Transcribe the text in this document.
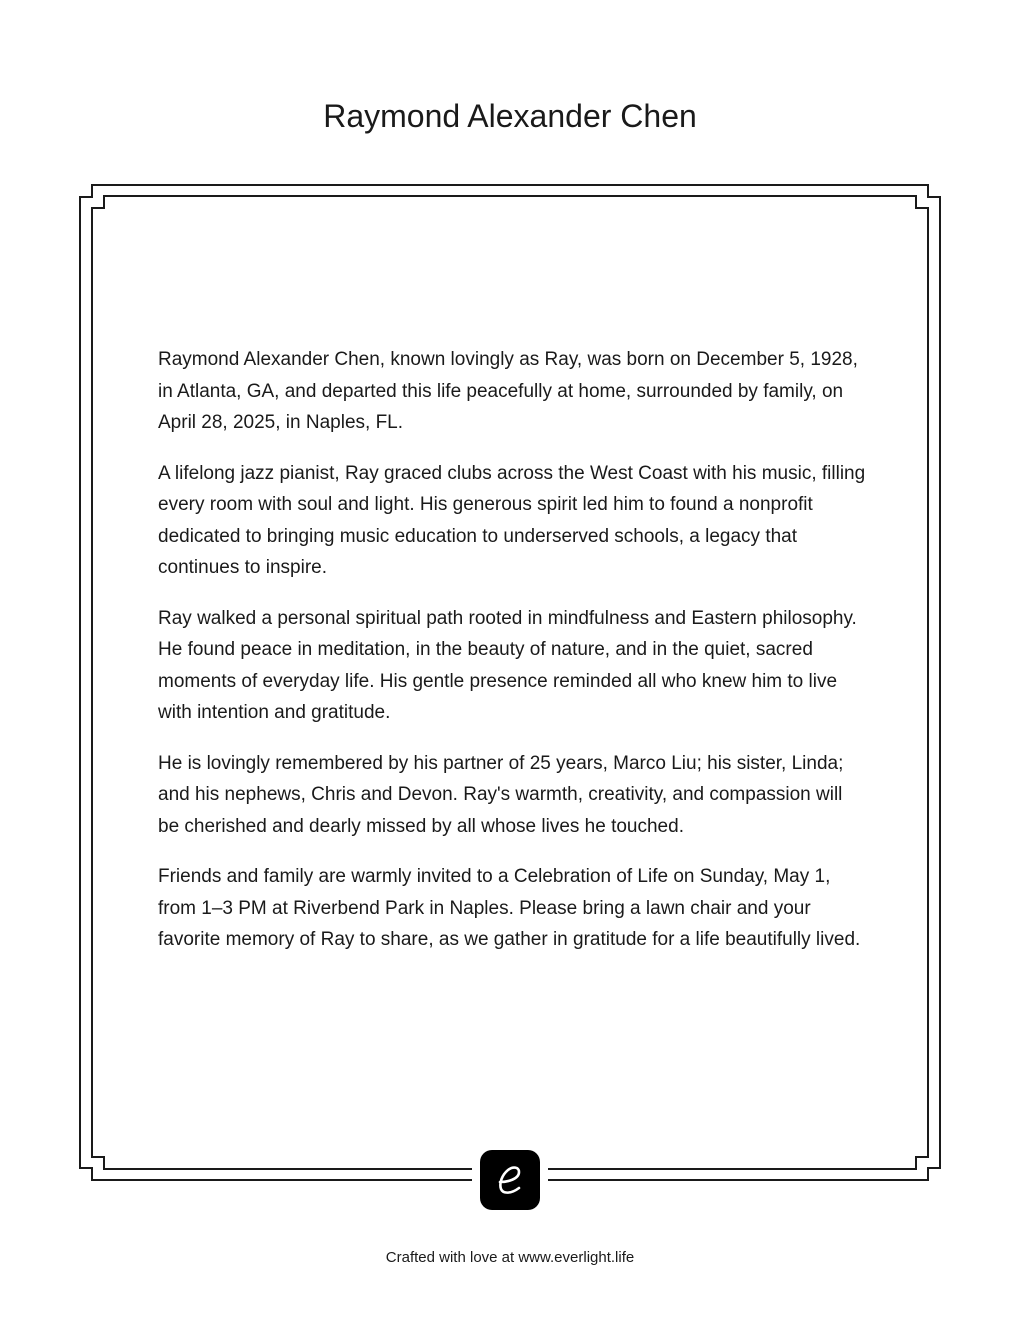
Raymond Alexander Chen

Raymond Alexander Chen, known lovingly as Ray, was born on December 5, 1928, in Atlanta, GA, and departed this life peacefully at home, surrounded by family, on April 28, 2025, in Naples, FL.

A lifelong jazz pianist, Ray graced clubs across the West Coast with his music, filling every room with soul and light. His generous spirit led him to found a nonprofit dedicated to bringing music education to underserved schools, a legacy that continues to inspire.

Ray walked a personal spiritual path rooted in mindfulness and Eastern philosophy. He found peace in meditation, in the beauty of nature, and in the quiet, sacred moments of everyday life. His gentle presence reminded all who knew him to live with intention and gratitude.

He is lovingly remembered by his partner of 25 years, Marco Liu; his sister, Linda; and his nephews, Chris and Devon. Ray's warmth, creativity, and compassion will be cherished and dearly missed by all whose lives he touched.

Friends and family are warmly invited to a Celebration of Life on Sunday, May 1, from 1–3 PM at Riverbend Park in Naples. Please bring a lawn chair and your favorite memory of Ray to share, as we gather in gratitude for a life beautifully lived.

Crafted with love at www.everlight.life
